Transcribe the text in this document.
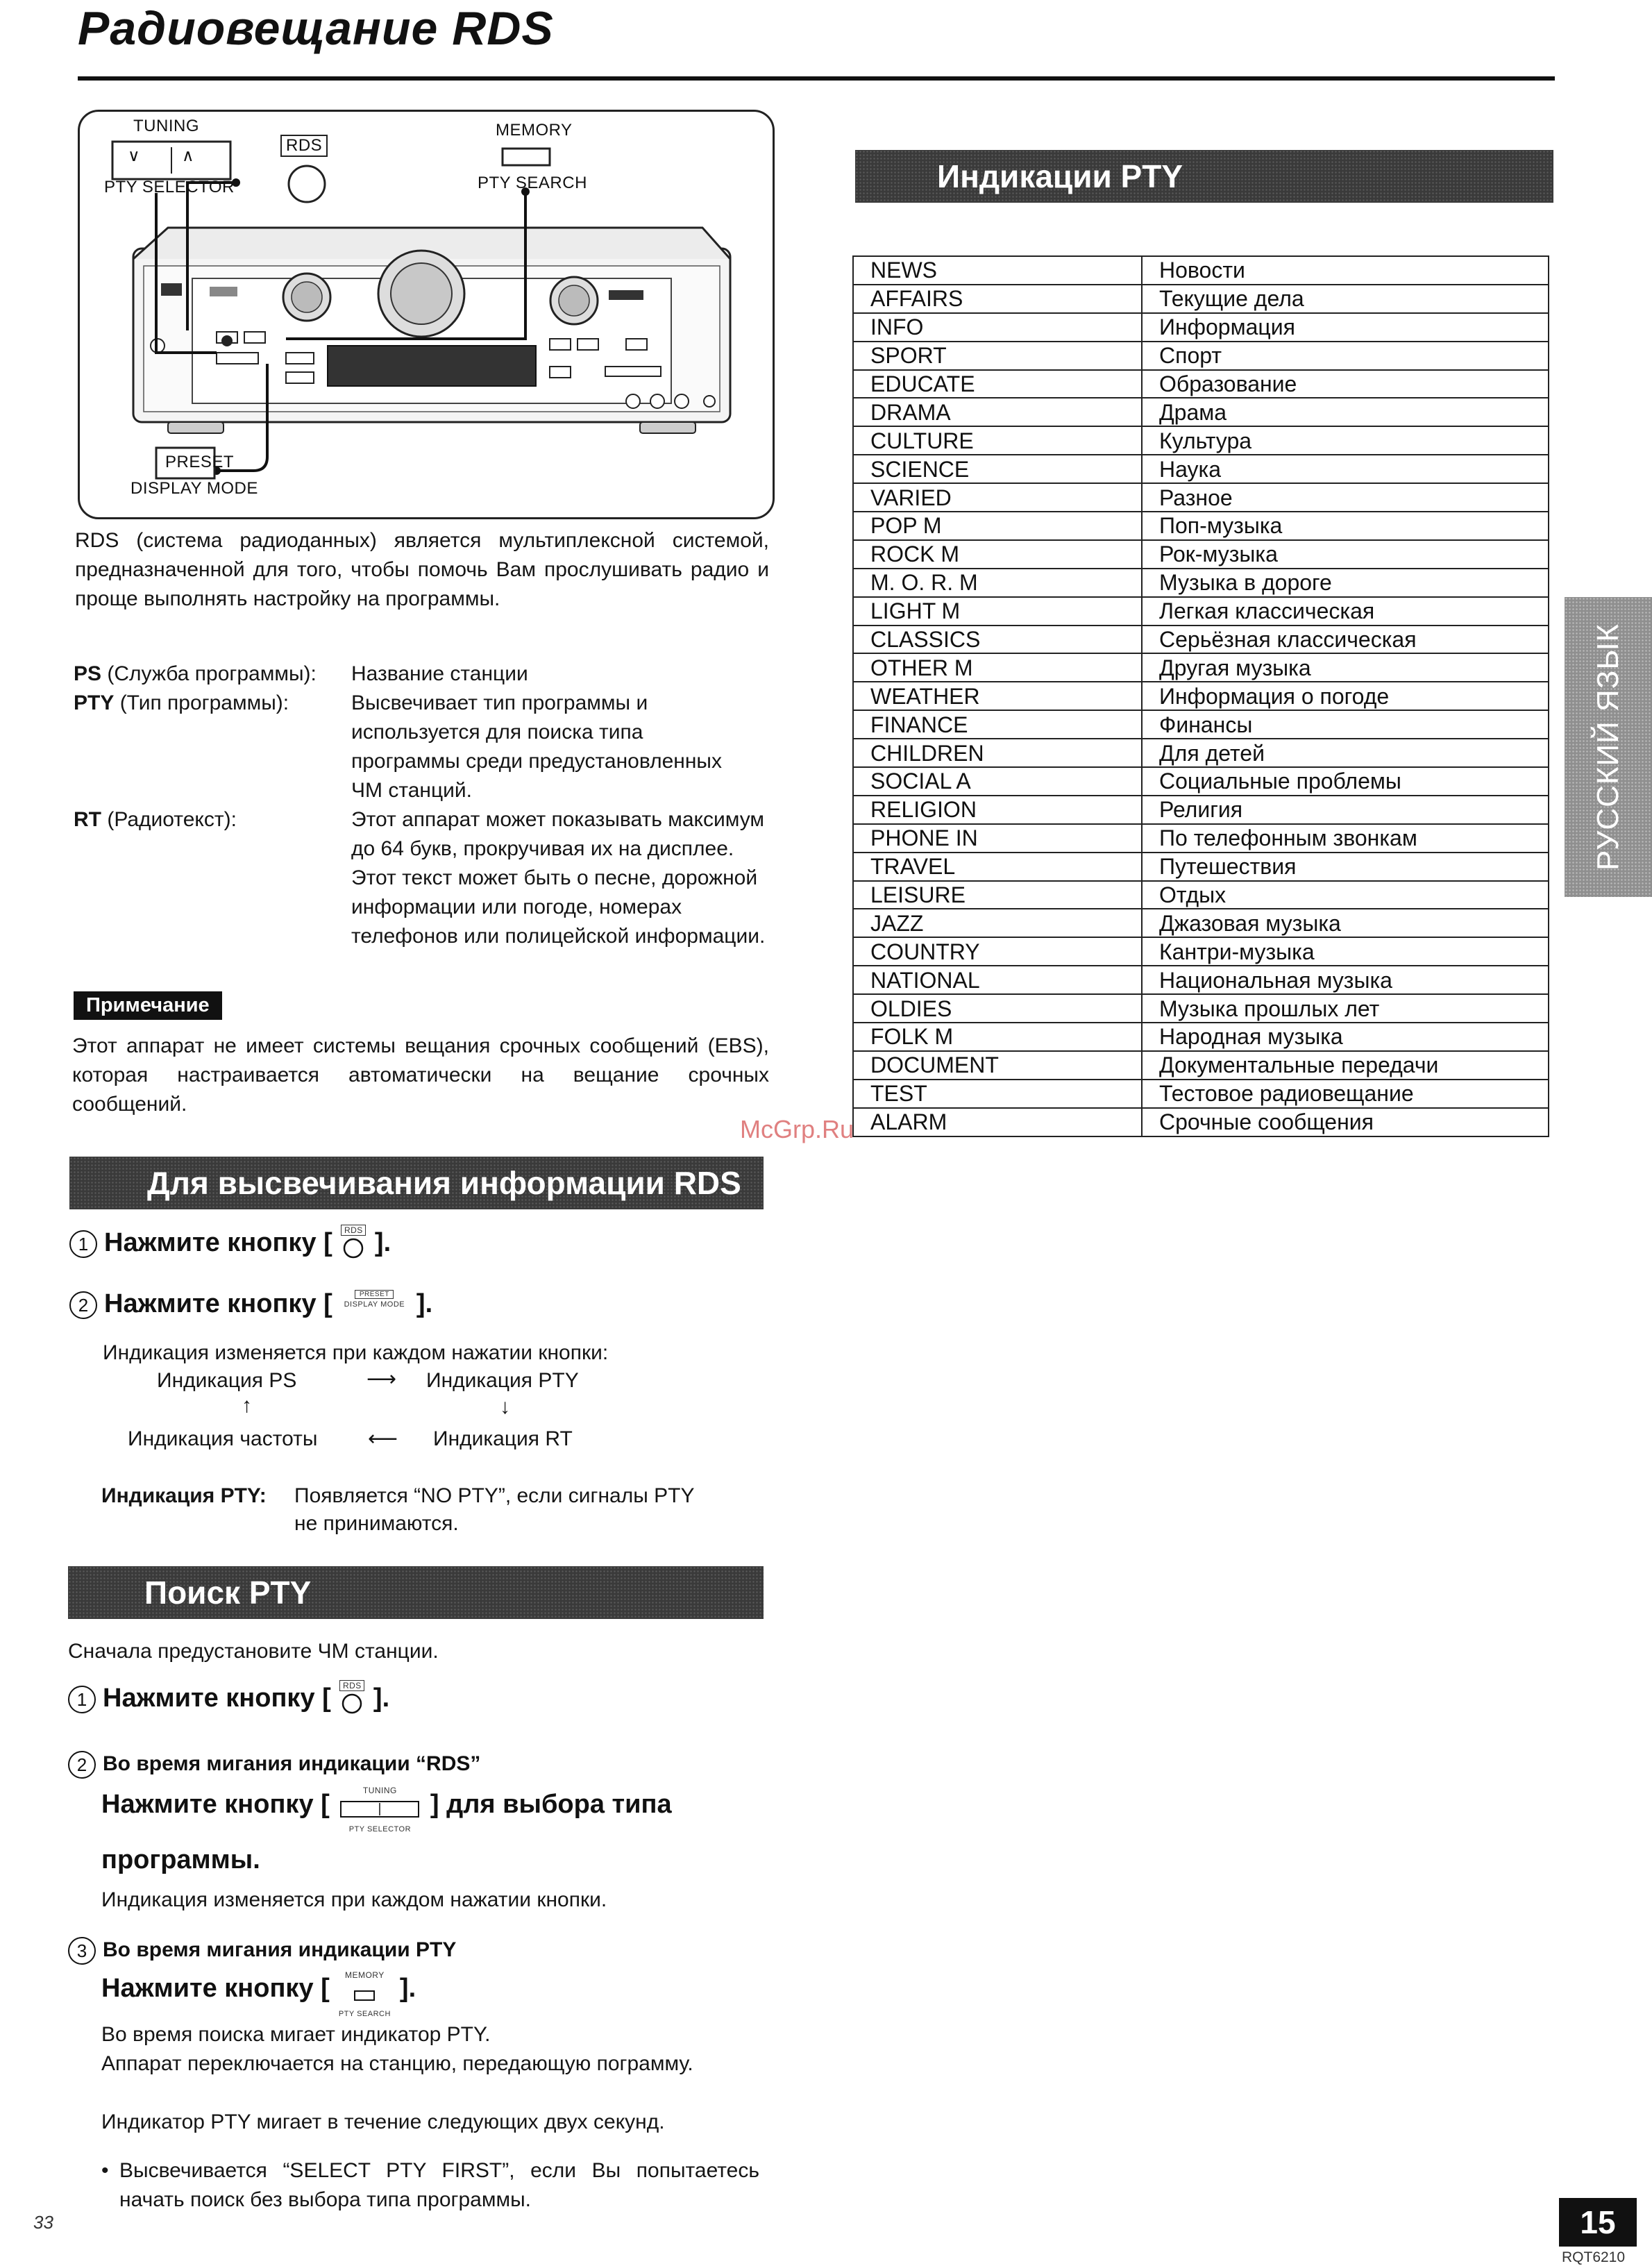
Радиовещание RDS
TUNING
∨ ∧
PTY SELECTOR
RDS
MEMORY
PTY SEARCH
PRESET
DISPLAY MODE
RDS (система радиоданных) является мультиплексной системой, предназначенной для того, чтобы помочь Вам прослушивать радио и проще выполнять настройку на программы.
PS (Служба программы): Название станции
PTY (Тип программы):	Высвечивает тип программы и используется для поиска типа программы среди предустановленных ЧМ станций.
RT (Радиотекст):	Этот аппарат может показывать максимум до 64 букв, прокручивая их на дисплее. Этот текст может быть о песне, дорожной информации или погоде, номерах телефонов или полицейской информации.
Примечание
Этот аппарат не имеет системы вещания срочных сообщений (EBS), которая настраивается автоматически на вещание срочных сообщений.
Для высвечивания информации RDS
1 Нажмите кнопку [	RDS ].
2 Нажмите кнопку [	PRESET
DISPLAY MODE ].
Индикация изменяется при каждом нажатии кнопки:
Индикация PS	⟶ Индикация PTY
↑	↓
Индикация частоты ⟵ Индикация RT
Индикация PTY: Появляется “NO PTY”, если сигналы PTY
не принимаются.
Поиск PTY
Сначала предустановите ЧМ станции.
1 Нажмите кнопку [	RDS ].
2 Во время мигания индикации “RDS”
Нажмите кнопку [	TUNING
PTY SELECTOR
] для выбора типа
программы.
Индикация изменяется при каждом нажатии кнопки.
3 Во время мигания индикации PTY
Нажмите кнопку [	MEMORY
PTY SEARCH
].
Во время поиска мигает индикатор PTY.
Аппарат переключается на станцию, передающую пограмму.
Индикатор PTY мигает в течение следующих двух секунд.
• Высвечивается “SELECT PTY FIRST”, если Вы попытаетесь начать поиск без выбора типа программы.
Индикации PTY
NEWS	Новости
AFFAIRS	Текущие дела
INFO	Информация
SPORT	Спорт
EDUCATE	Образование
DRAMA	Драма
CULTURE	Культура
SCIENCE	Наука
VARIED	Разное
POP M	Поп-музыка
ROCK M	Рок-музыка
M. O. R. M	Музыка в дороге
LIGHT M	Легкая классическая
CLASSICS	Серьёзная классическая
OTHER M	Другая музыка
WEATHER	Информация о погоде
FINANCE	Финансы
CHILDREN	Для детей
SOCIAL A	Социальные проблемы
RELIGION	Религия
PHONE IN	По телефонным звонкам
TRAVEL	Путешествия
LEISURE	Отдых
JAZZ	Джазовая музыка
COUNTRY	Кантри-музыка
NATIONAL	Национальная музыка
OLDIES	Музыка прошлых лет
FOLK M	Народная музыка
DOCUMENT	Документальные передачи
TEST	Тестовое радиовещание
ALARM	Срочные сообщения
РУССКИЙ ЯЗЫК
33	15
RQT6210
McGrp.Ru
